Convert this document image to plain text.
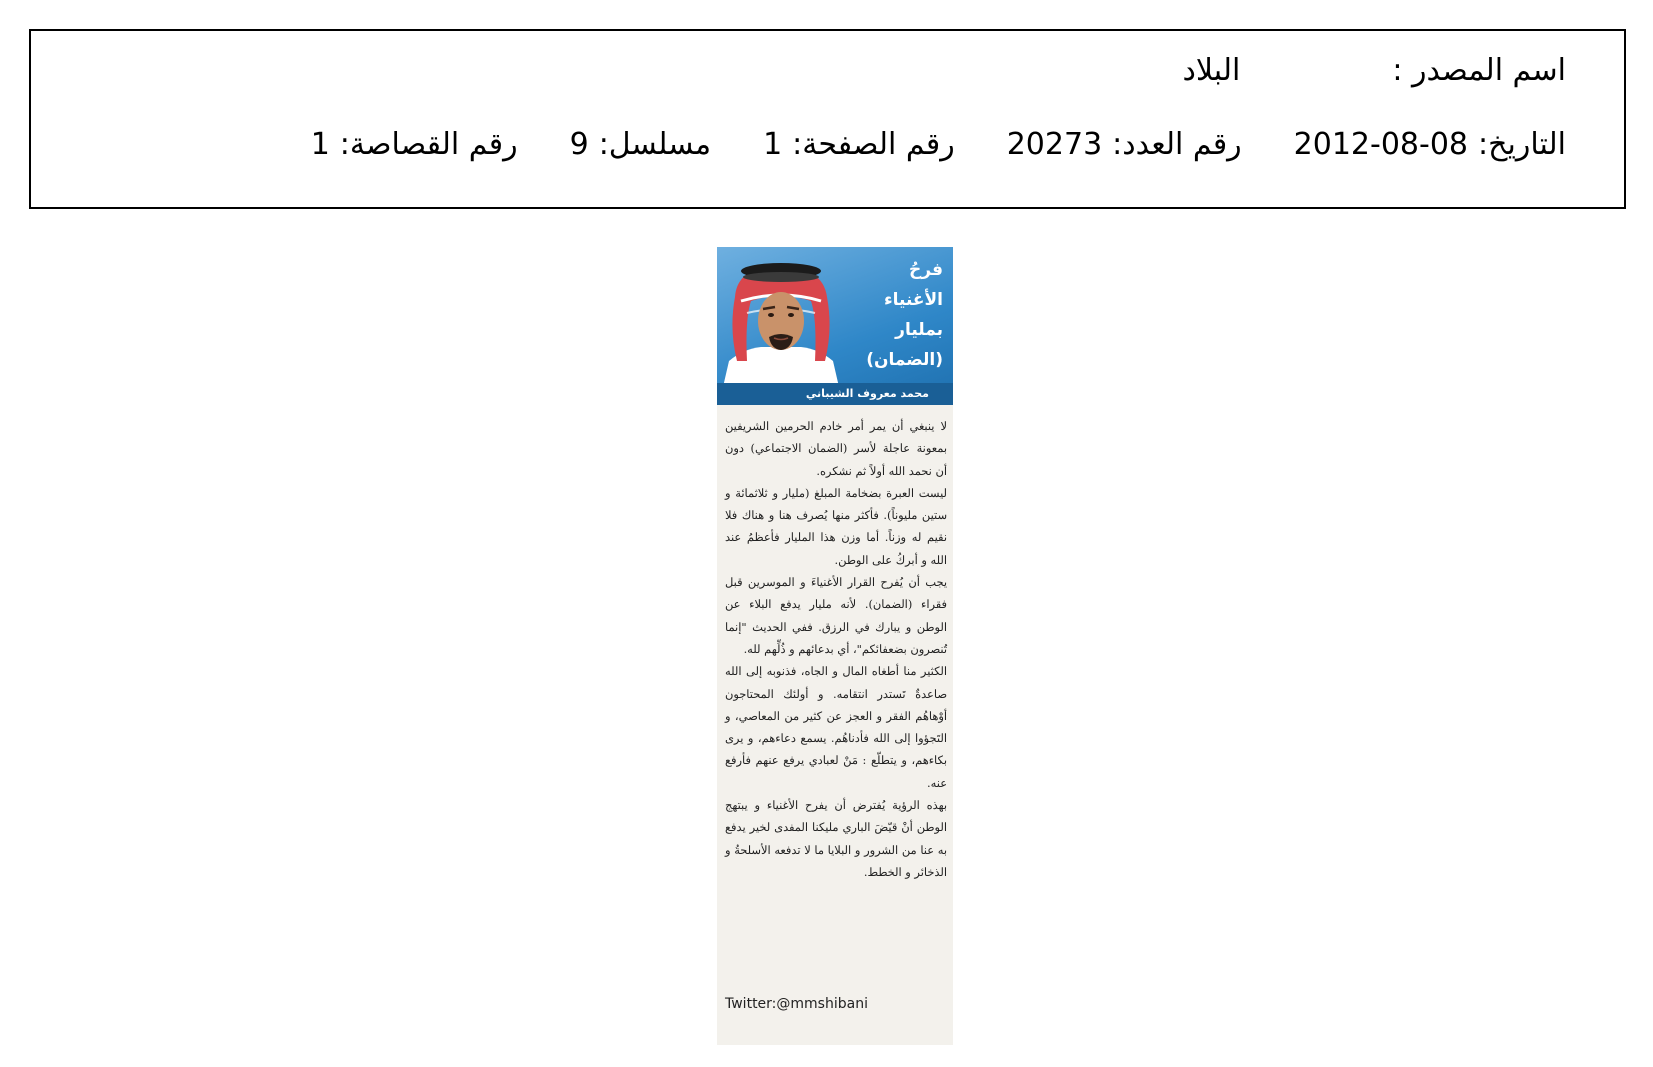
اسم المصدر :
البلاد
التاريخ:
2012-08-08
رقم العدد:
20273
رقم الصفحة:
1
مسلسل:
9
رقم القصاصة:
1
فرحُ
الأغنياء
بمليار
(الضمان)
محمد معروف الشيباني

لا ينبغي أن يمر أمر خادم الحرمين الشريفين بمعونة عاجلة لأسر (الضمان الاجتماعي) دون أن نحمد الله أولاً ثم نشكره.

ليست العبرة بضخامة المبلغ (مليار و ثلاثمائة و ستين مليوناً). فأكثر منها يُصرف هنا و هناك فلا نقيم له وزناً. أما وزن هذا المليار فأعظمُ عند الله و أبركُ على الوطن.

يجب أن يُفرح القرار الأغنياءَ و الموسرين قبل فقراء (الضمان). لأنه مليار يدفع البلاء عن الوطن و يبارك في الرزق. ففي الحديث "إنما تُنصرون بضعفائكم"، أي بدعائهم و ذُلِّهم لله.

الكثير منا أطغاه المال و الجاه، فذنوبه إلى الله صاعدةٌ تَستدر انتقامه. و أولئك المحتاجون أوْهاهُم الفقر و العجز عن كثير من المعاصي، و التَجؤوا إلى الله فأدناهُم. يسمع دعاءهم، و يرى بكاءهم، و يتطلّع : مَنْ لعبادي يرفع عنهم فأرفع عنه.

بهذه الرؤية يُفترض أن يفرح الأغنياء و يبتهج الوطن أنْ قيّضَ الباري مليكنا المفدى لخير يدفع به عنا من الشرور و البلايا ما لا تدفعه الأسلحةُ و الذخائر و الخطط.

Twitter:@mmshibani
